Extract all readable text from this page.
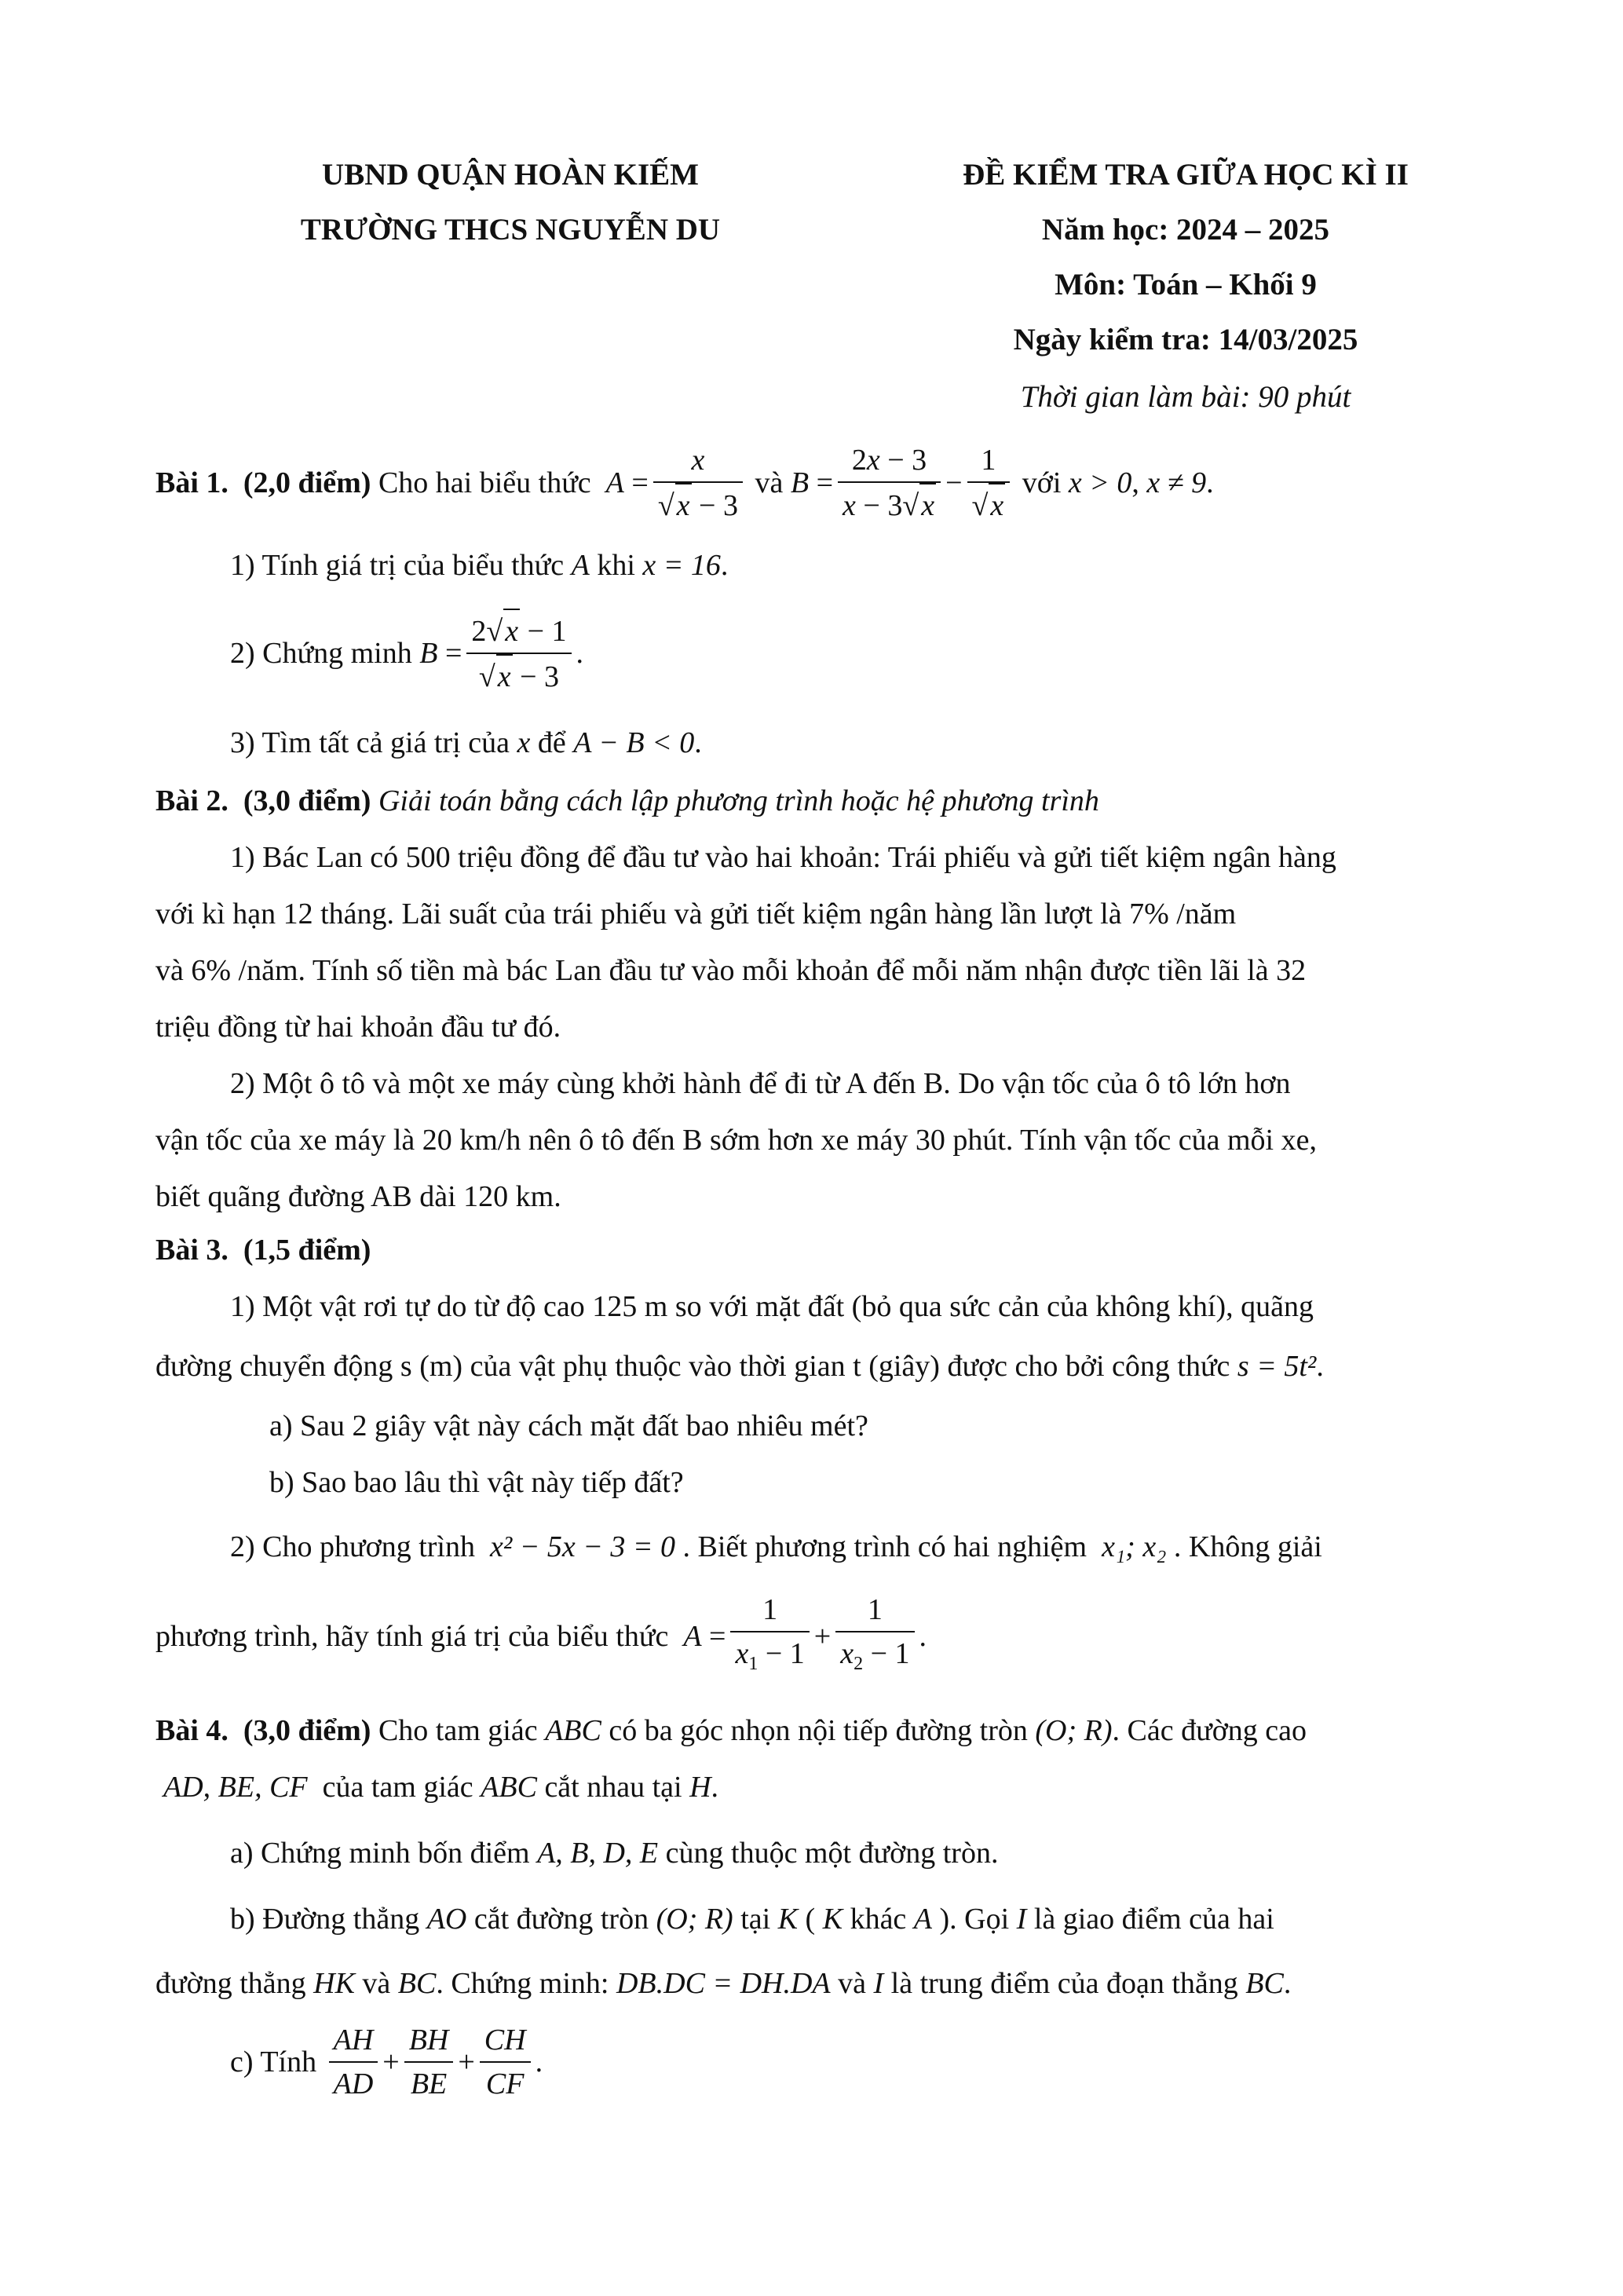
UBND QUẬN HOÀN KIẾM
TRƯỜNG THCS NGUYỄN DU
ĐỀ KIỂM TRA GIỮA HỌC KÌ II
Năm học: 2024 – 2025
Môn: Toán – Khối 9
Ngày kiểm tra: 14/03/2025
Thời gian làm bài: 90 phút
Bài 1.
(2,0 điểm)
Cho hai biểu thức
$A = \frac{x}{√x - 3}$
và
$B = \frac{2x - 3}{x - 3√x} - \frac{1}{√x}$
với
x > 0 , x ≠ 9 .
1) Tính giá trị của biểu thức A khi x = 16.
2) Chứng minh
$B = \frac{2√x - 1}{√x - 3}$ .
3) Tìm tất cả giá trị của x để A − B < 0.
Bài 2. (3,0 điểm) Giải toán bằng cách lập phương trình hoặc hệ phương trình
1) Bác Lan có 500 triệu đồng để đầu tư vào hai khoản: Trái phiếu và gửi tiết kiệm ngân hàng
với kì hạn 12 tháng. Lãi suất của trái phiếu và gửi tiết kiệm ngân hàng lần lượt là 7% /năm
và 6% /năm. Tính số tiền mà bác Lan đầu tư vào mỗi khoản để mỗi năm nhận được tiền lãi là 32
triệu đồng từ hai khoản đầu tư đó.
2) Một ô tô và một xe máy cùng khởi hành để đi từ A đến B. Do vận tốc của ô tô lớn hơn
vận tốc của xe máy là 20 km/h nên ô tô đến B sớm hơn xe máy 30 phút. Tính vận tốc của mỗi xe,
biết quãng đường AB dài 120 km.
Bài 3. (1,5 điểm)
1) Một vật rơi tự do từ độ cao 125 m so với mặt đất (bỏ qua sức cản của không khí), quãng
đường chuyển động s (m) của vật phụ thuộc vào thời gian t (giây) được cho bởi công thức s = 5t².
a) Sau 2 giây vật này cách mặt đất bao nhiêu mét?
b) Sao bao lâu thì vật này tiếp đất?
2) Cho phương trình x² − 5x − 3 = 0 . Biết phương trình có hai nghiệm x₁; x₂ . Không giải
phương trình, hãy tính giá trị của biểu thức
$A = \frac{1}{x_1 - 1} + \frac{1}{x_2 - 1}$ .
Bài 4. (3,0 điểm) Cho tam giác ABC có ba góc nhọn nội tiếp đường tròn (O; R). Các đường cao
AD, BE, CF của tam giác ABC cắt nhau tại H.
a) Chứng minh bốn điểm A, B, D, E cùng thuộc một đường tròn.
b) Đường thẳng AO cắt đường tròn (O; R) tại K ( K khác A ). Gọi I là giao điểm của hai
đường thẳng HK và BC. Chứng minh: DB.DC = DH.DA và I là trung điểm của đoạn thẳng BC.
c) Tính
$\frac{AH}{AD} + \frac{BH}{BE} + \frac{CH}{CF}$ .
